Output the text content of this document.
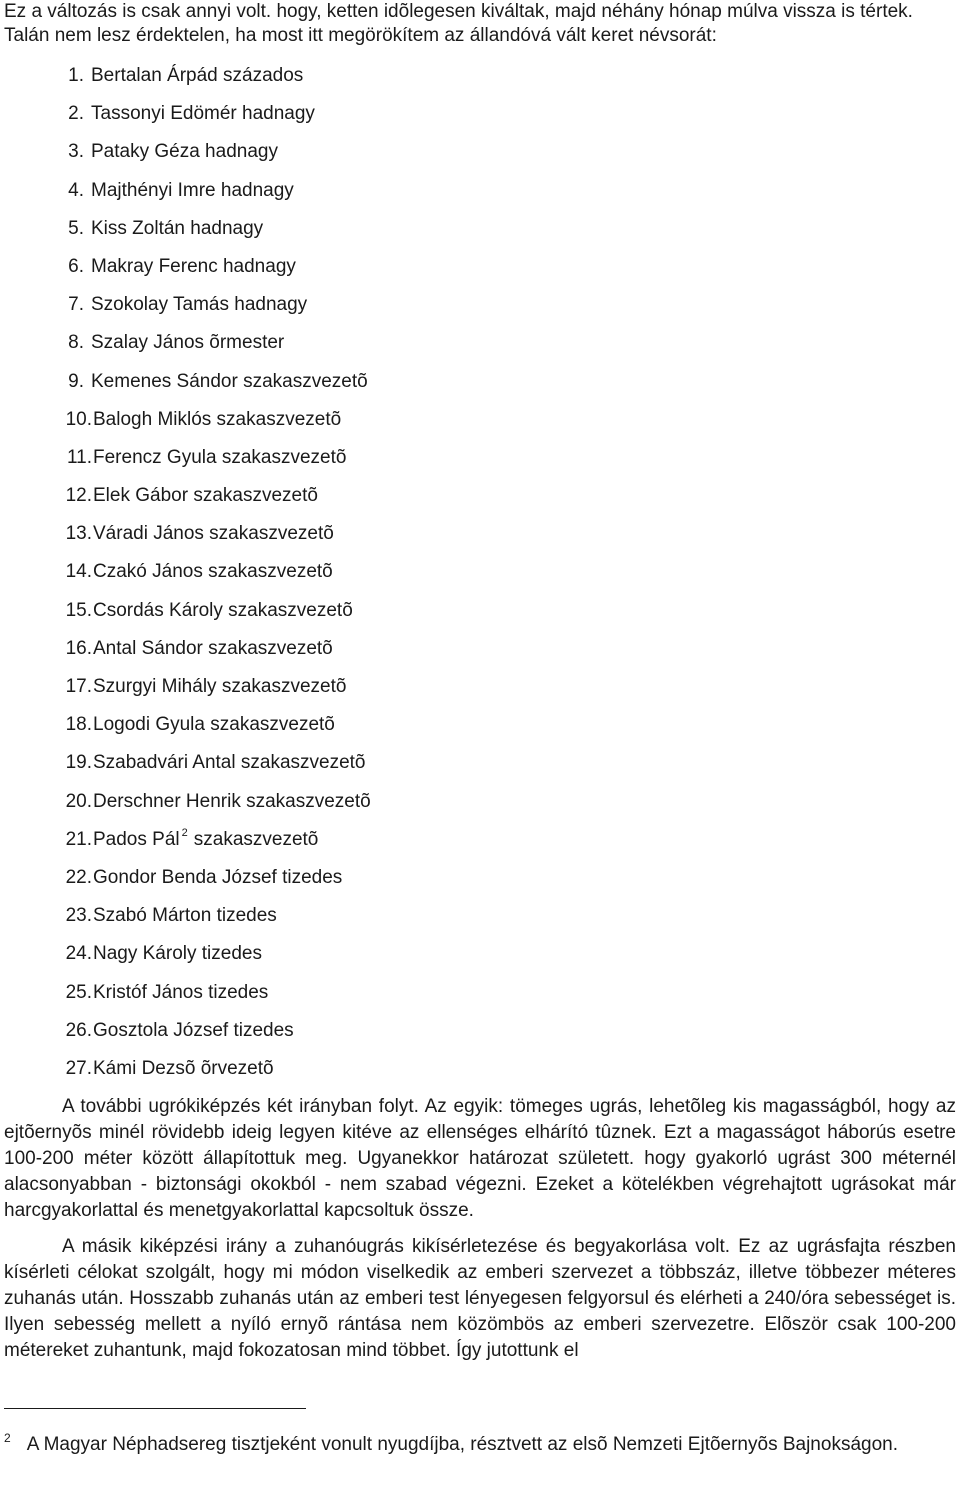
Ez a változás is csak annyi volt. hogy, ketten idõlegesen kiváltak, majd néhány hónap múlva vissza is tértek. Talán nem lesz érdektelen, ha most itt megörökítem az állandóvá vált keret névsorát:

1. Bertalan Árpád százados
2. Tassonyi Edömér hadnagy
3. Pataky Géza hadnagy
4. Majthényi Imre hadnagy
5. Kiss Zoltán hadnagy
6. Makray Ferenc hadnagy
7. Szokolay Tamás hadnagy
8. Szalay János õrmester
9. Kemenes Sándor szakaszvezetõ
10. Balogh Miklós szakaszvezetõ
11. Ferencz Gyula szakaszvezetõ
12. Elek Gábor szakaszvezetõ
13. Váradi János szakaszvezetõ
14. Czakó János szakaszvezetõ
15. Csordás Károly szakaszvezetõ
16. Antal Sándor szakaszvezetõ
17. Szurgyi Mihály szakaszvezetõ
18. Logodi Gyula szakaszvezetõ
19. Szabadvári Antal szakaszvezetõ
20. Derschner Henrik szakaszvezetõ
21. Pados Pál $^2$ szakaszvezetõ
22. Gondor Benda József tizedes
23. Szabó Márton tizedes
24. Nagy Károly tizedes
25. Kristóf János tizedes
26. Gosztola József tizedes
27. Kámi Dezsõ õrvezetõ

A további ugrókiképzés két irányban folyt. Az egyik: tömeges ugrás, lehetõleg kis magasságból, hogy az ejtõernyõs minél rövidebb ideig legyen kitéve az ellenséges elhárító tûznek. Ezt a magasságot háborús esetre 100-200 méter között állapítottuk meg. Ugyanekkor határozat született. hogy gyakorló ugrást 300 méternél alacsonyabban - biztonsági okokból - nem szabad végezni. Ezeket a kötelékben végrehajtott ugrásokat már harcgyakorlattal és menetgyakorlattal kapcsoltuk össze.

A másik kiképzési irány a zuhanóugrás kikísérletezése és begyakorlása volt. Ez az ugrásfajta részben kísérleti célokat szolgált, hogy mi módon viselkedik az emberi szervezet a többszáz, illetve többezer méteres zuhanás után. Hosszabb zuhanás után az emberi test lényegesen felgyorsul és elérheti a 240/óra sebességet is. Ilyen sebesség mellett a nyíló ernyõ rántása nem közömbös az emberi szervezetre. Elõször csak 100-200 métereket zuhantunk, majd fokozatosan mind többet. Így jutottunk el

$^2$ A Magyar Néphadsereg tisztjeként vonult nyugdíjba, résztvett az elsõ Nemzeti Ejtõernyõs Bajnokságon.
